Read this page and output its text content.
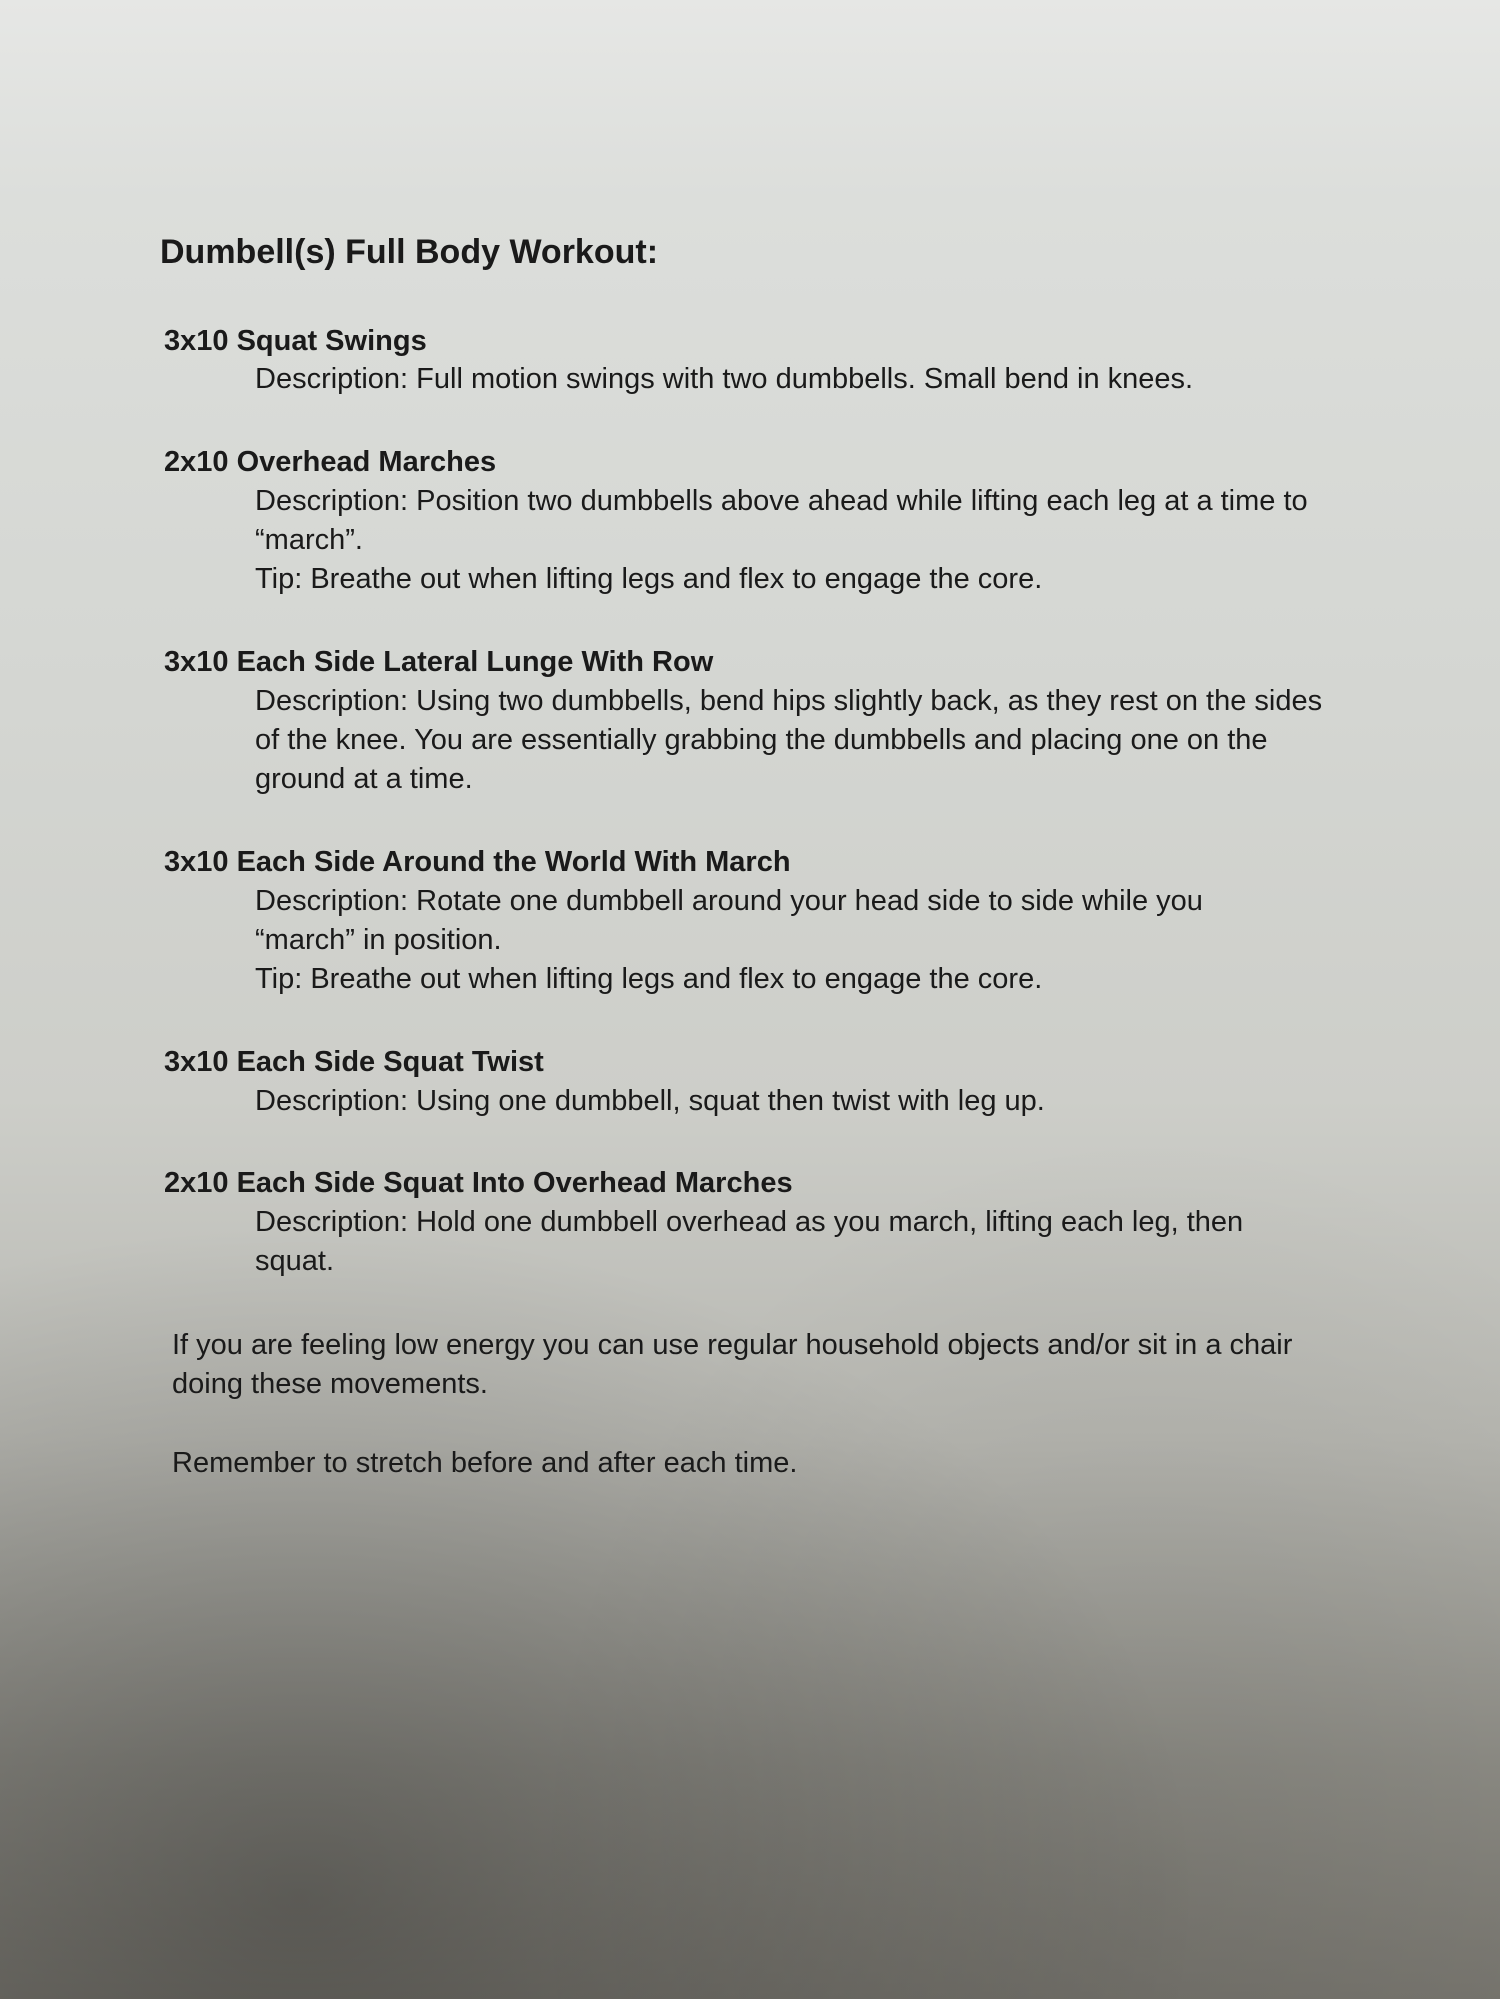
Dumbell(s) Full Body Workout:
3x10 Squat Swings
Description: Full motion swings with two dumbbells. Small bend in knees.
2x10 Overhead Marches
Description: Position two dumbbells above ahead while lifting each leg at a time to “march”.
Tip: Breathe out when lifting legs and flex to engage the core.
3x10 Each Side Lateral Lunge With Row
Description: Using two dumbbells, bend hips slightly back, as they rest on the sides of the knee. You are essentially grabbing the dumbbells and placing one on the ground at a time.
3x10 Each Side Around the World With March
Description: Rotate one dumbbell around your head side to side while you “march” in position.
Tip: Breathe out when lifting legs and flex to engage the core.
3x10 Each Side Squat Twist
Description: Using one dumbbell, squat then twist with leg up.
2x10 Each Side Squat Into Overhead Marches
Description: Hold one dumbbell overhead as you march, lifting each leg, then squat.
If you are feeling low energy you can use regular household objects and/or sit in a chair doing these movements.
Remember to stretch before and after each time.
